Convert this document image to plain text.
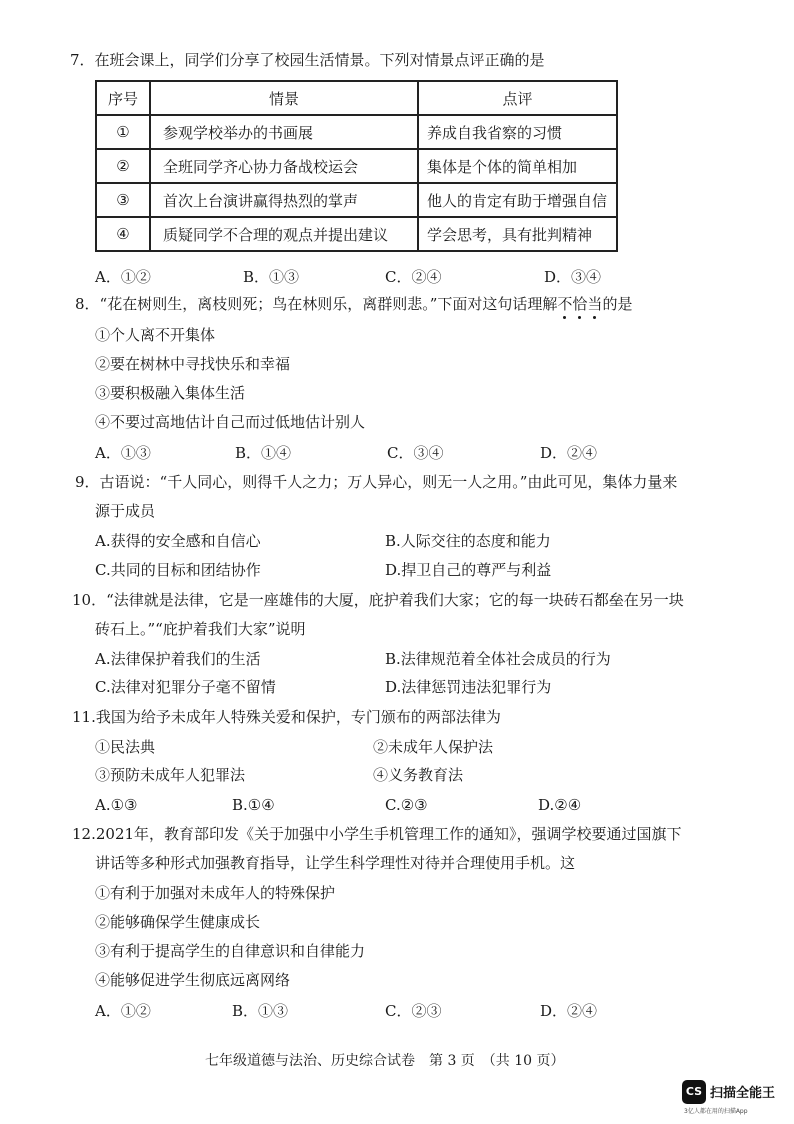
7．在班会课上，同学们分享了校园生活情景。下列对情景点评正确的是
序号	情景	点评
①	参观学校举办的书画展	养成自我省察的习惯
②	全班同学齐心协力备战校运会	集体是个体的简单相加
③	首次上台演讲赢得热烈的掌声	他人的肯定有助于增强自信
④	质疑同学不合理的观点并提出建议	学会思考，具有批判精神
A．①②	B．①③	C．②④	D．③④
8．“花在树则生，离枝则死；鸟在林则乐，离群则悲。”下面对这句话理解不恰当的是
①个人离不开集体
②要在树林中寻找快乐和幸福
③要积极融入集体生活
④不要过高地估计自己而过低地估计别人
A．①③	B．①④	C．③④	D．②④
9．古语说：“千人同心，则得千人之力；万人异心，则无一人之用。”由此可见，集体力量来
源于成员
A.获得的安全感和自信心	B.人际交往的态度和能力
C.共同的目标和团结协作	D.捍卫自己的尊严与利益
10．“法律就是法律，它是一座雄伟的大厦，庇护着我们大家；它的每一块砖石都垒在另一块
砖石上。”“庇护着我们大家”说明
A.法律保护着我们的生活	B.法律规范着全体社会成员的行为
C.法律对犯罪分子毫不留情	D.法律惩罚违法犯罪行为
11.我国为给予未成年人特殊关爱和保护，专门颁布的两部法律为
①民法典	②未成年人保护法
③预防未成年人犯罪法	④义务教育法
A.①③	B.①④	C.②③	D.②④
12.2021年，教育部印发《关于加强中小学生手机管理工作的通知》，强调学校要通过国旗下
讲话等多种形式加强教育指导，让学生科学理性对待并合理使用手机。这
①有利于加强对未成年人的特殊保护
②能够确保学生健康成长
③有利于提高学生的自律意识和自律能力
④能够促进学生彻底远离网络
A．①②	B．①③	C．②③	D．②④
七年级道德与法治、历史综合试卷　第 3 页　（共 10 页）
CS 扫描全能王
3亿人都在用的扫描App
